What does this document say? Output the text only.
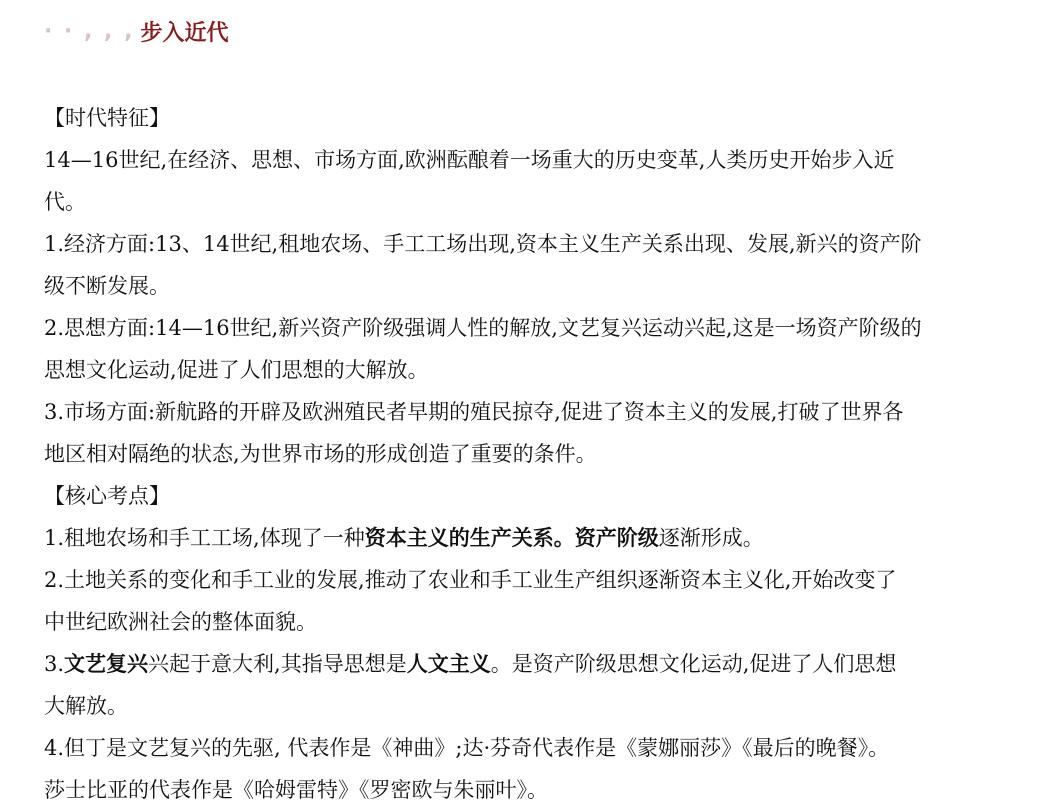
· · , , , 步入近代
【时代特征】
14—16世纪,在经济、思想、市场方面,欧洲酝酿着一场重大的历史变革,人类历史开始步入近
代。
1.经济方面:13、14世纪,租地农场、手工工场出现,资本主义生产关系出现、发展,新兴的资产阶
级不断发展。
2.思想方面:14—16世纪,新兴资产阶级强调人性的解放,文艺复兴运动兴起,这是一场资产阶级的
思想文化运动,促进了人们思想的大解放。
3.市场方面:新航路的开辟及欧洲殖民者早期的殖民掠夺,促进了资本主义的发展,打破了世界各
地区相对隔绝的状态,为世界市场的形成创造了重要的条件。
【核心考点】
1.租地农场和手工工场,体现了一种资本主义的生产关系。资产阶级逐渐形成。
2.土地关系的变化和手工业的发展,推动了农业和手工业生产组织逐渐资本主义化,开始改变了
中世纪欧洲社会的整体面貌。
3.文艺复兴兴起于意大利,其指导思想是人文主义。是资产阶级思想文化运动,促进了人们思想
大解放。
4.但丁是文艺复兴的先驱, 代表作是《神曲》;达·芬奇代表作是《蒙娜丽莎》《最后的晚餐》。
莎士比亚的代表作是《哈姆雷特》《罗密欧与朱丽叶》。
